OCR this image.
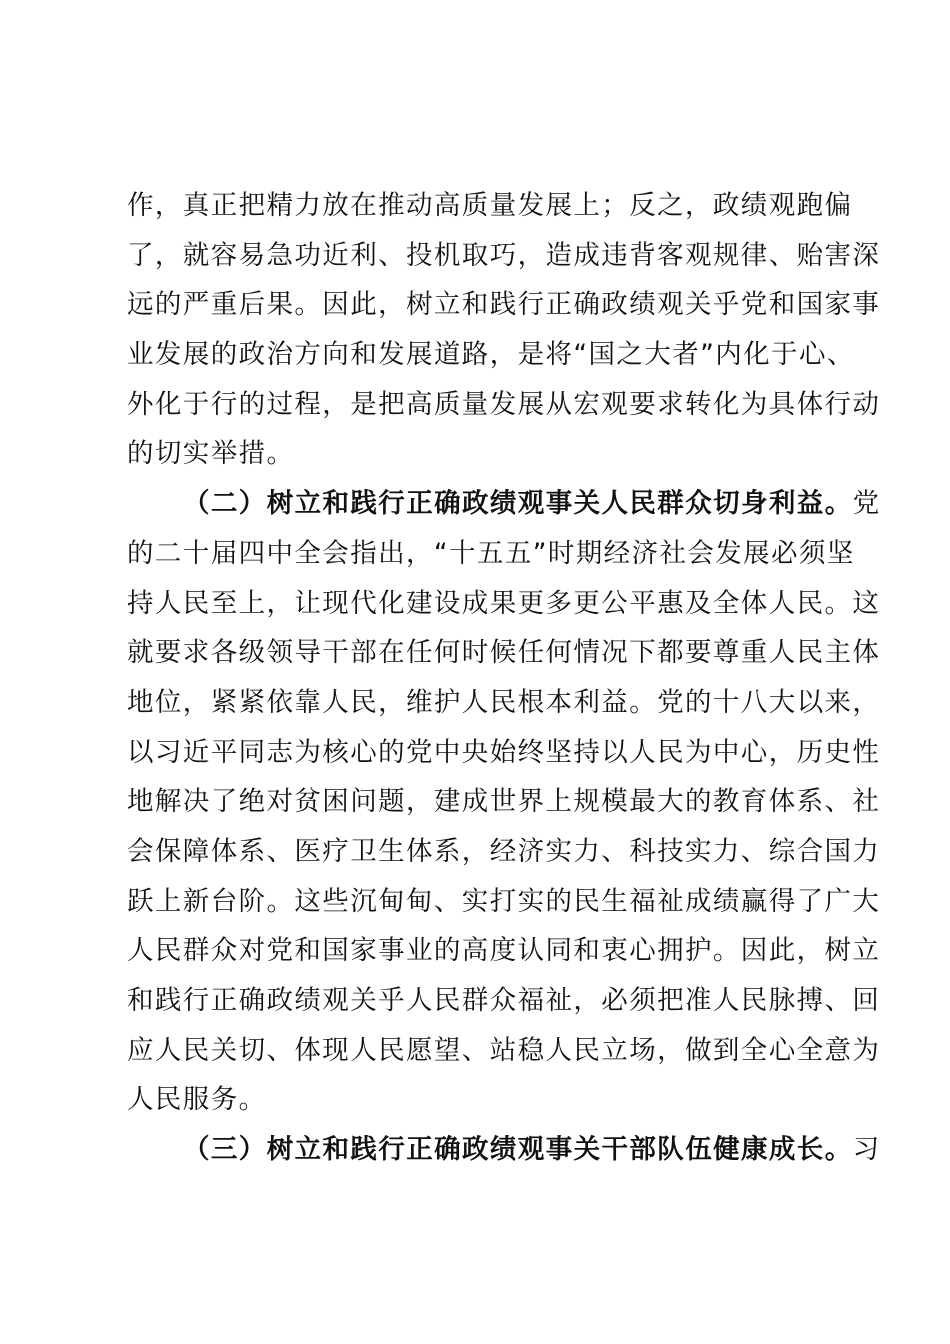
作，真正把精力放在推动高质量发展上；反之，政绩观跑偏
了，就容易急功近利、投机取巧，造成违背客观规律、贻害深
远的严重后果。因此，树立和践行正确政绩观关乎党和国家事
业发展的政治方向和发展道路，是将“国之大者”内化于心、
外化于行的过程，是把高质量发展从宏观要求转化为具体行动
的切实举措。
（二）树立和践行正确政绩观事关人民群众切身利益。党
的二十届四中全会指出，“十五五”时期经济社会发展必须坚
持人民至上，让现代化建设成果更多更公平惠及全体人民。这
就要求各级领导干部在任何时候任何情况下都要尊重人民主体
地位，紧紧依靠人民，维护人民根本利益。党的十八大以来，
以习近平同志为核心的党中央始终坚持以人民为中心，历史性
地解决了绝对贫困问题，建成世界上规模最大的教育体系、社
会保障体系、医疗卫生体系，经济实力、科技实力、综合国力
跃上新台阶。这些沉甸甸、实打实的民生福祉成绩赢得了广大
人民群众对党和国家事业的高度认同和衷心拥护。因此，树立
和践行正确政绩观关乎人民群众福祉，必须把准人民脉搏、回
应人民关切、体现人民愿望、站稳人民立场，做到全心全意为
人民服务。
（三）树立和践行正确政绩观事关干部队伍健康成长。习
